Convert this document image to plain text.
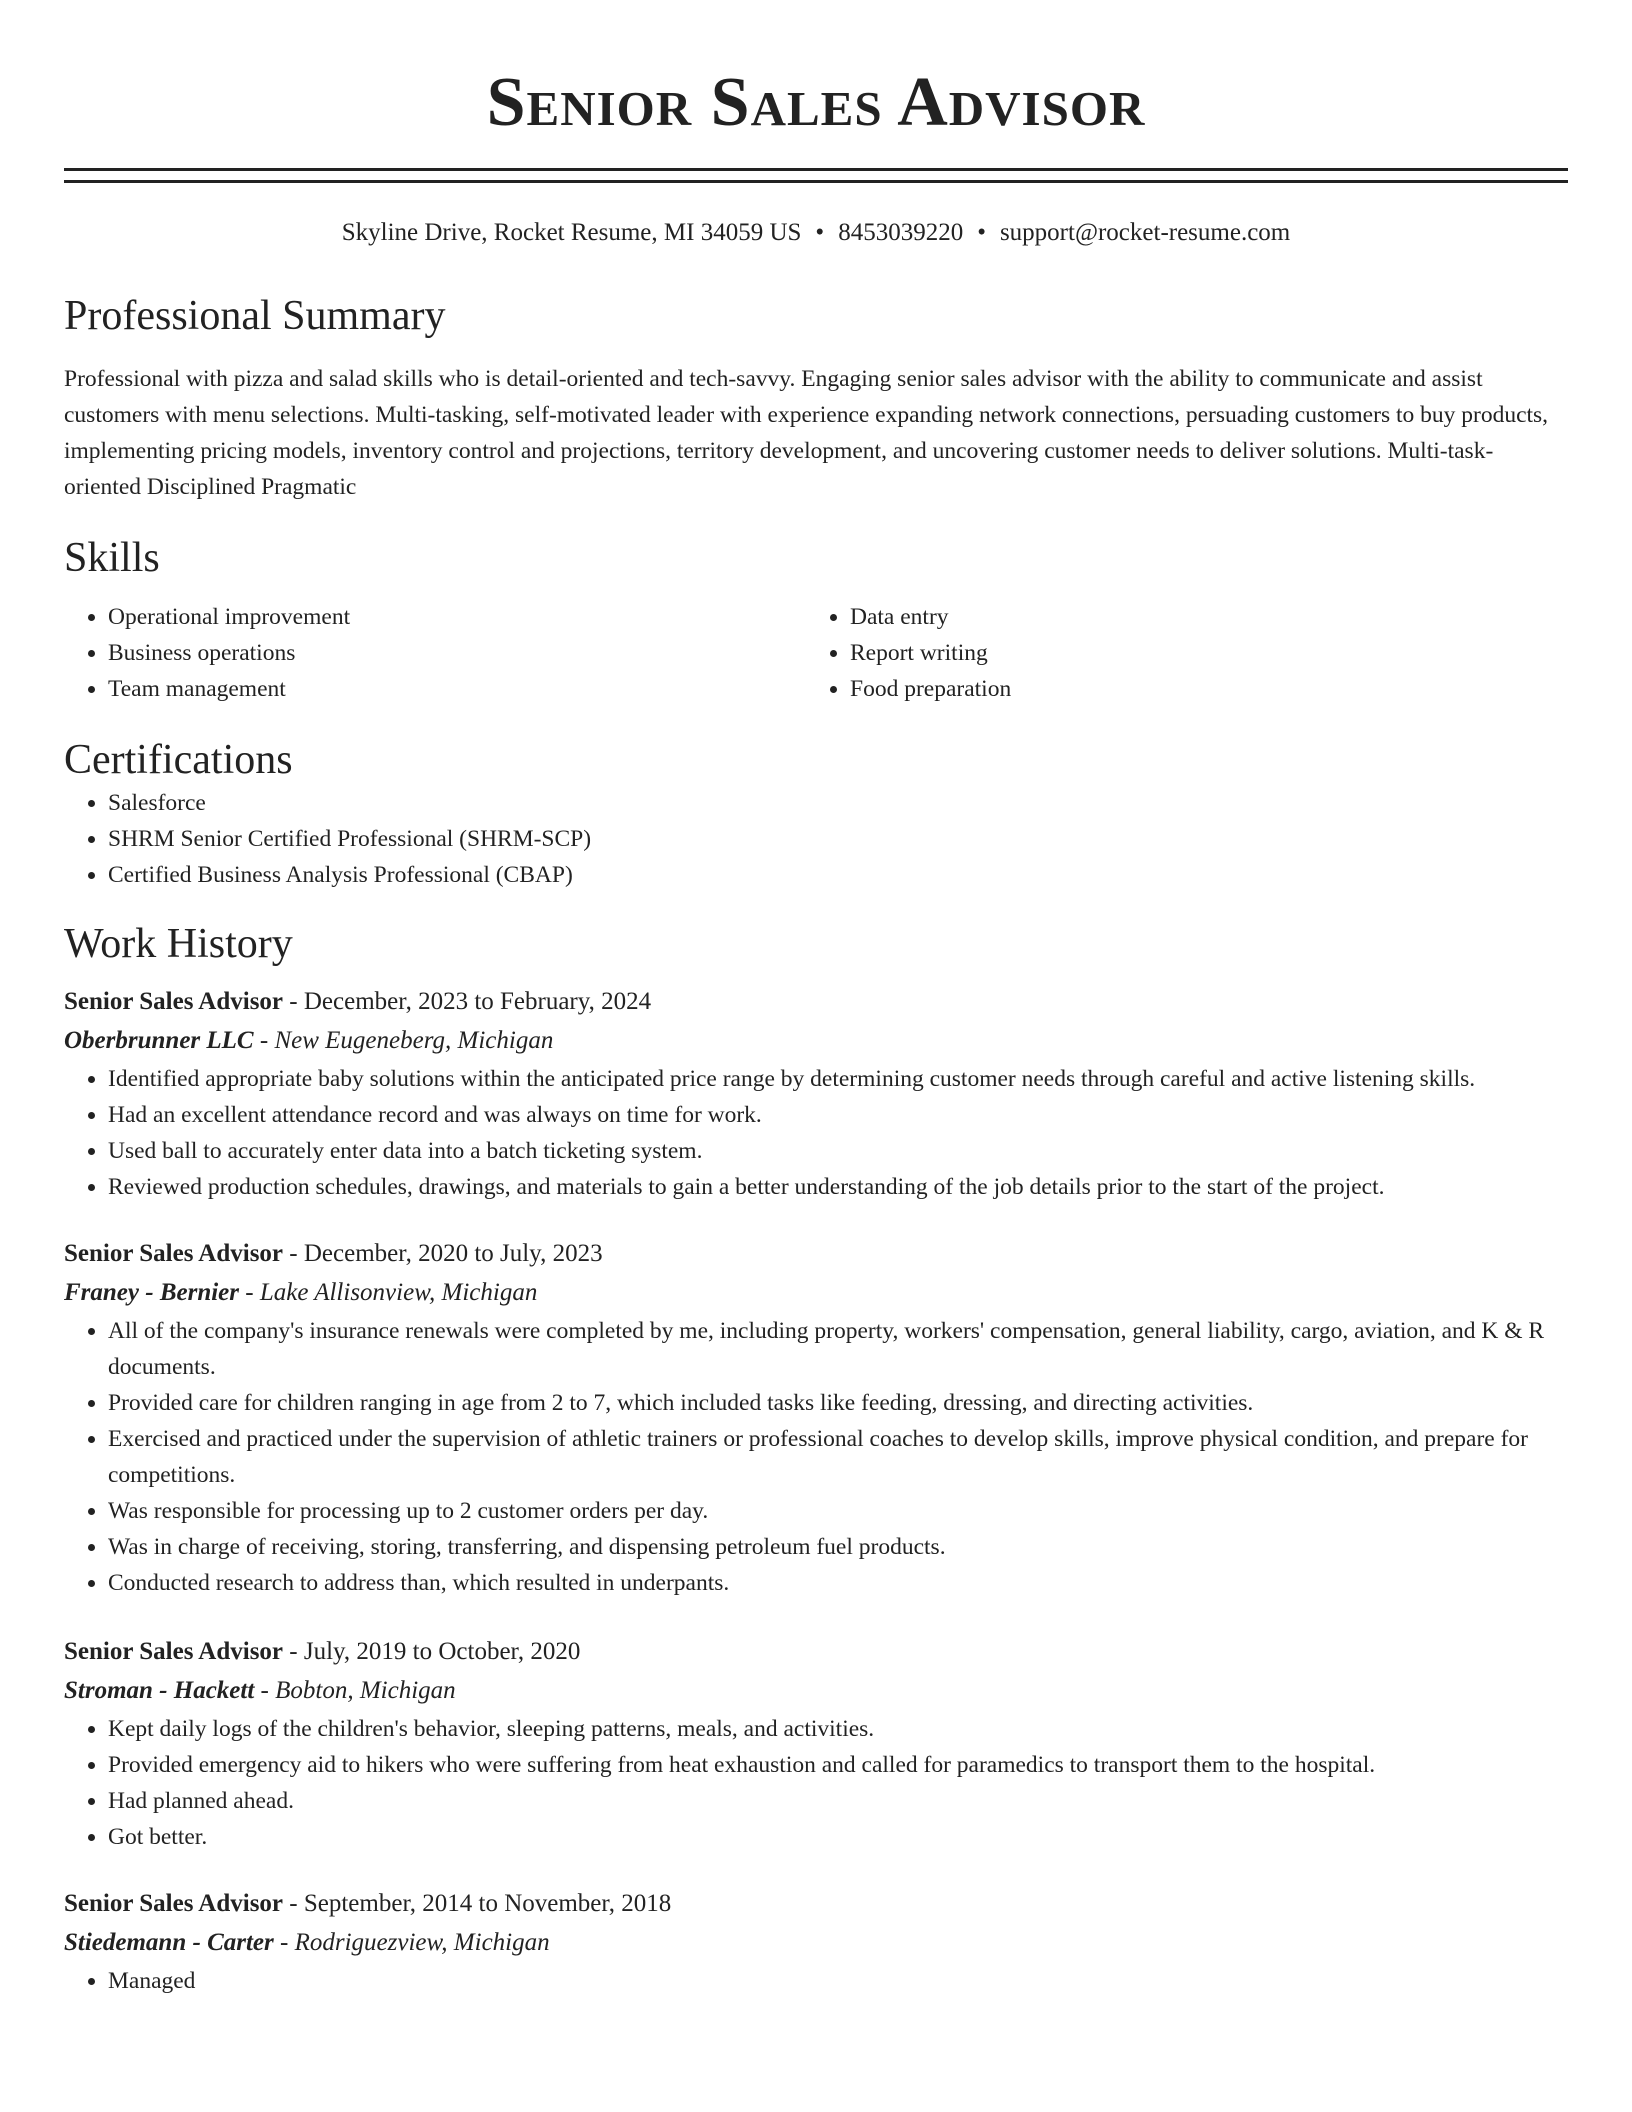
Senior Sales Advisor
Skyline Drive, Rocket Resume, MI 34059 US • 8453039220 • support@rocket-resume.com
Professional Summary

Professional with pizza and salad skills who is detail-oriented and tech-savvy. Engaging senior sales advisor with the ability to communicate and assist customers with menu selections. Multi-tasking, self-motivated leader with experience expanding network connections, persuading customers to buy products, implementing pricing models, inventory control and projections, territory development, and uncovering customer needs to deliver solutions. Multi-task-oriented Disciplined Pragmatic

Skills
• Operational improvement
• Business operations
• Team management
• Data entry
• Report writing
• Food preparation
Certifications
• Salesforce
• SHRM Senior Certified Professional (SHRM-SCP)
• Certified Business Analysis Professional (CBAP)
Work History
Senior Sales Advisor - December, 2023 to February, 2024
Oberbrunner LLC - New Eugeneberg, Michigan
• Identified appropriate baby solutions within the anticipated price range by determining customer needs through careful and active listening skills.
• Had an excellent attendance record and was always on time for work.
• Used ball to accurately enter data into a batch ticketing system.
• Reviewed production schedules, drawings, and materials to gain a better understanding of the job details prior to the start of the project.
Senior Sales Advisor - December, 2020 to July, 2023
Franey - Bernier - Lake Allisonview, Michigan
• All of the company's insurance renewals were completed by me, including property, workers' compensation, general liability, cargo, aviation, and K & R documents.
• Provided care for children ranging in age from 2 to 7, which included tasks like feeding, dressing, and directing activities.
• Exercised and practiced under the supervision of athletic trainers or professional coaches to develop skills, improve physical condition, and prepare for competitions.
• Was responsible for processing up to 2 customer orders per day.
• Was in charge of receiving, storing, transferring, and dispensing petroleum fuel products.
• Conducted research to address than, which resulted in underpants.
Senior Sales Advisor - July, 2019 to October, 2020
Stroman - Hackett - Bobton, Michigan
• Kept daily logs of the children's behavior, sleeping patterns, meals, and activities.
• Provided emergency aid to hikers who were suffering from heat exhaustion and called for paramedics to transport them to the hospital.
• Had planned ahead.
• Got better.
Senior Sales Advisor - September, 2014 to November, 2018
Stiedemann - Carter - Rodriguezview, Michigan
• Managed
